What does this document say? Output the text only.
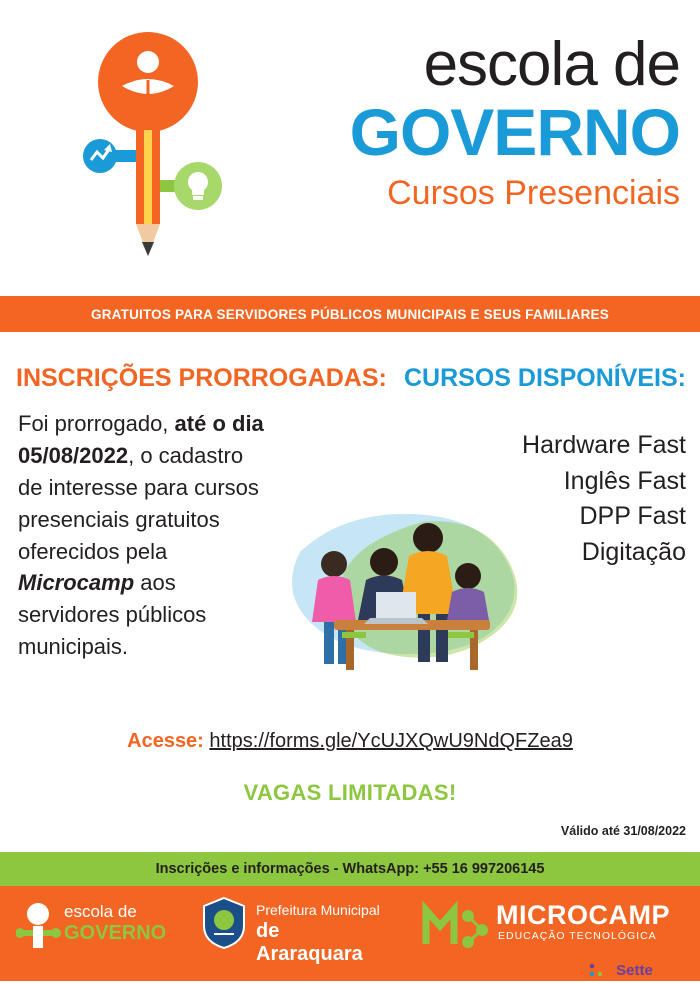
escola de
GOVERNO
Cursos Presenciais
GRATUITOS PARA SERVIDORES PÚBLICOS MUNICIPAIS E SEUS FAMILIARES
INSCRIÇÕES PRORROGADAS: CURSOS DISPONÍVEIS:
Foi prorrogado, até o dia 05/08/2022, o cadastro de interesse para cursos presenciais gratuitos oferecidos pela Microcamp aos servidores públicos municipais.
Hardware Fast
Inglês Fast
DPP Fast
Digitação
Acesse: https://forms.gle/YcUJXQwU9NdQFZea9
VAGAS LIMITADAS!
Válido até 31/08/2022
Inscrições e informações - WhatsApp: +55 16 997206145
escola de
GOVERNO
Prefeitura Municipal
de Araraquara
MICROCAMP
EDUCAÇÃO TECNOLÓGICA
Settemídia
